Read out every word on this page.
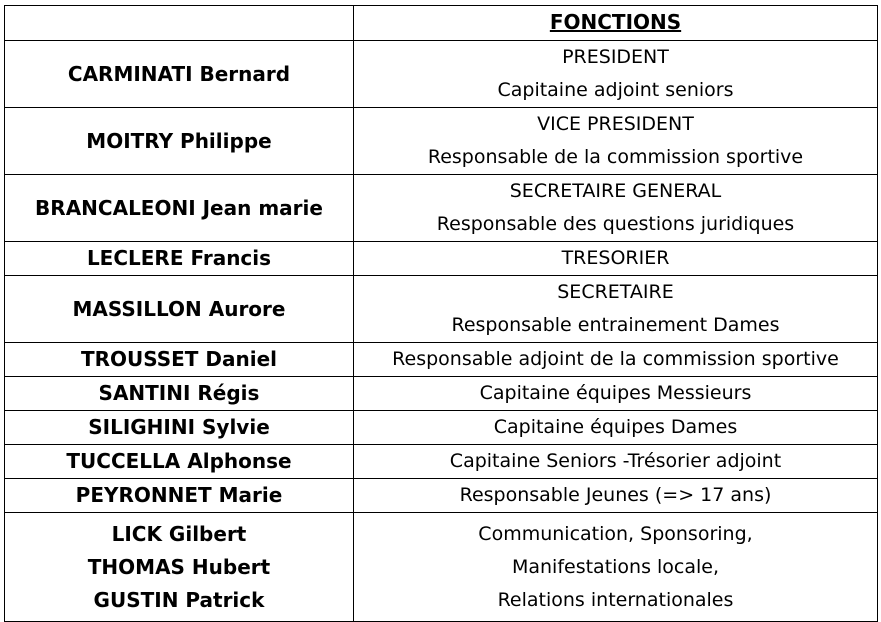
	FONCTIONS

CARMINATI Bernard	PRESIDENT
Capitaine adjoint seniors

MOITRY Philippe	VICE PRESIDENT
Responsable de la commission sportive

BRANCALEONI Jean marie	SECRETAIRE GENERAL
Responsable des questions juridiques

LECLERE Francis	TRESORIER

MASSILLON Aurore	SECRETAIRE
Responsable entrainement Dames

TROUSSET Daniel	Responsable adjoint de la commission sportive

SANTINI Régis	Capitaine équipes Messieurs

SILIGHINI Sylvie	Capitaine équipes Dames

TUCCELLA Alphonse	Capitaine Seniors -Trésorier adjoint

PEYRONNET Marie	Responsable Jeunes (=> 17 ans)

LICK Gilbert
THOMAS Hubert
GUSTIN Patrick	Communication, Sponsoring,
Manifestations locale,
Relations internationales
